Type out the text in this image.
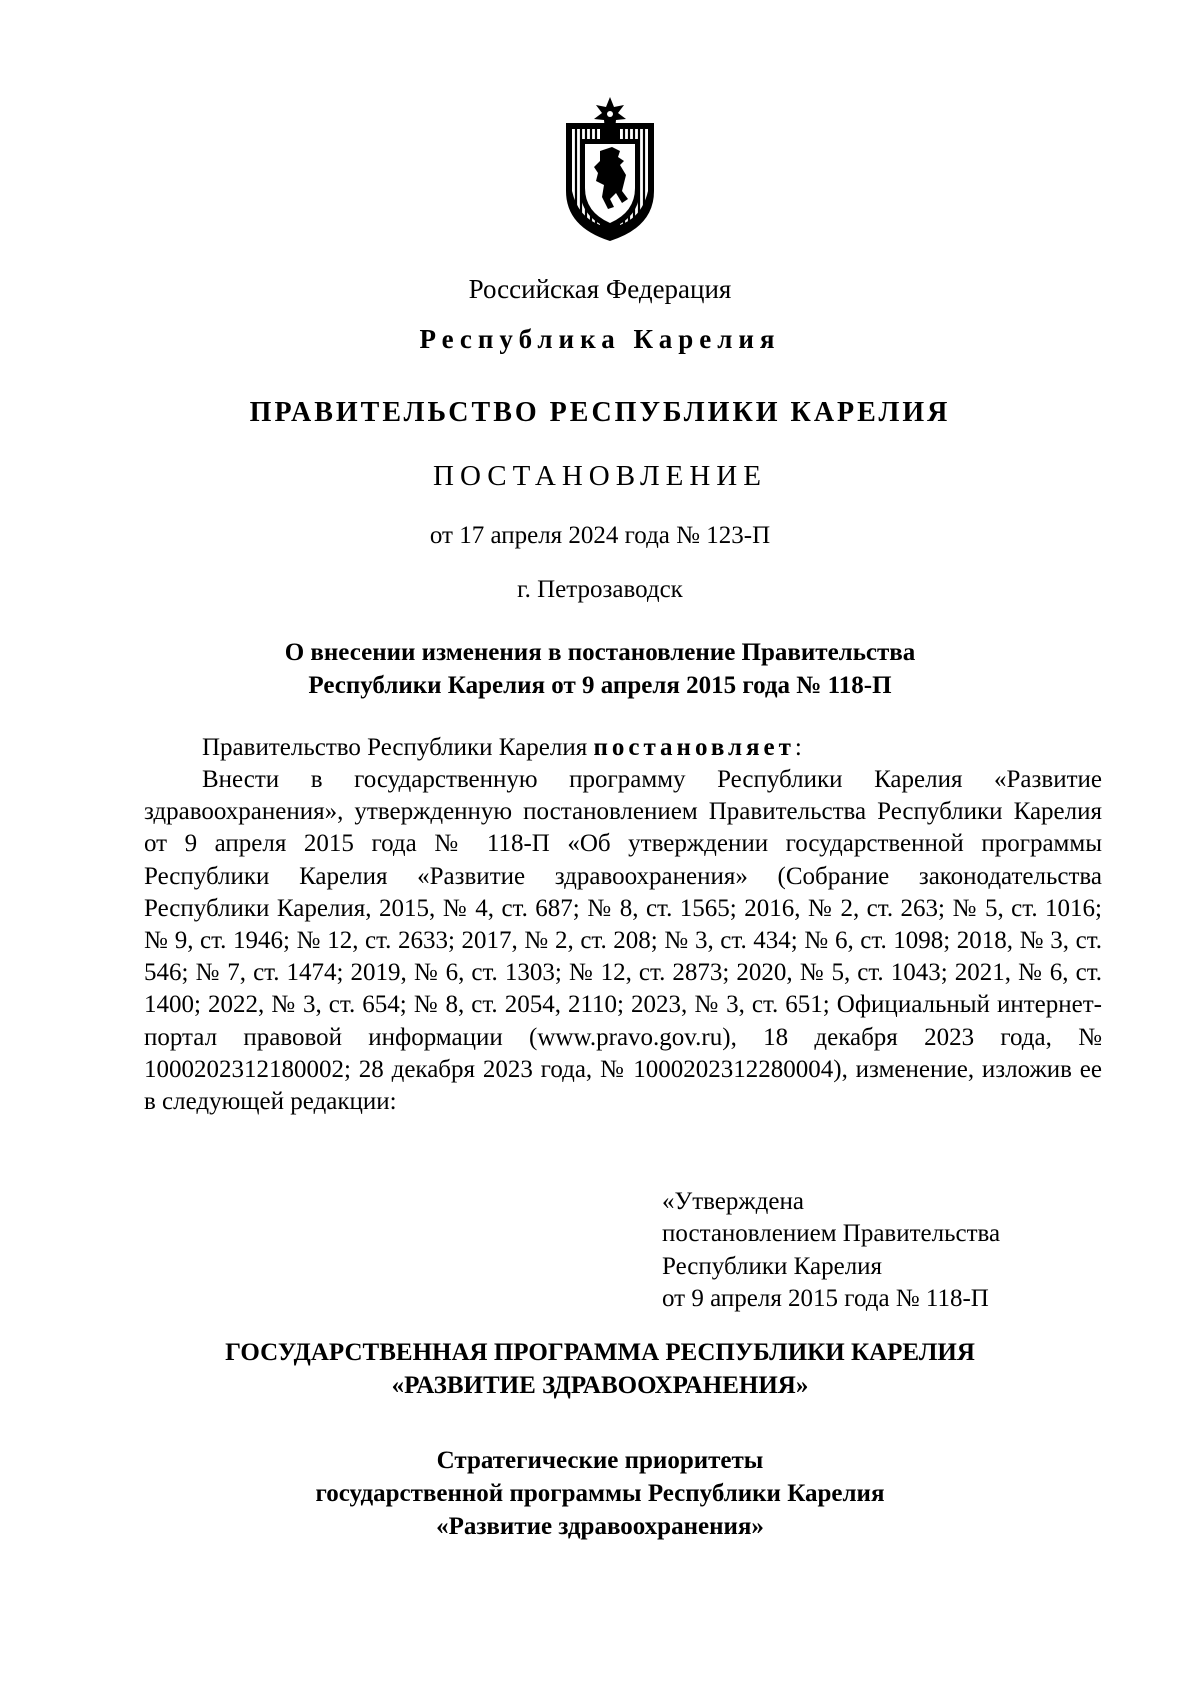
Российская Федерация
Республика Карелия
ПРАВИТЕЛЬСТВО РЕСПУБЛИКИ КАРЕЛИЯ
ПОСТАНОВЛЕНИЕ
от 17 апреля 2024 года № 123-П
г. Петрозаводск
О внесении изменения в постановление Правительства
Республики Карелия от 9 апреля 2015 года № 118-П
Правительство Республики Карелия постановляет:
Внести в государственную программу Республики Карелия «Развитие здравоохранения», утвержденную постановлением Правительства Республики Карелия от 9 апреля 2015 года № 118-П «Об утверждении государственной программы Республики Карелия «Развитие здравоохранения» (Собрание законодательства Республики Карелия, 2015, № 4, ст. 687; № 8, ст. 1565; 2016, № 2, ст. 263; № 5, ст. 1016; № 9, ст. 1946; № 12, ст. 2633; 2017, № 2, ст. 208; № 3, ст. 434; № 6, ст. 1098; 2018, № 3, ст. 546; № 7, ст. 1474; 2019, № 6, ст. 1303; № 12, ст. 2873; 2020, № 5, ст. 1043; 2021, № 6, ст. 1400; 2022, № 3, ст. 654; № 8, ст. 2054, 2110; 2023, № 3, ст. 651; Официальный интернет-портал правовой информации (www.pravo.gov.ru), 18 декабря 2023 года, № 1000202312180002; 28 декабря 2023 года, № 1000202312280004), изменение, изложив ее в следующей редакции:
«Утверждена
постановлением Правительства
Республики Карелия
от 9 апреля 2015 года № 118-П
ГОСУДАРСТВЕННАЯ ПРОГРАММА РЕСПУБЛИКИ КАРЕЛИЯ
«РАЗВИТИЕ ЗДРАВООХРАНЕНИЯ»
Стратегические приоритеты
государственной программы Республики Карелия
«Развитие здравоохранения»
